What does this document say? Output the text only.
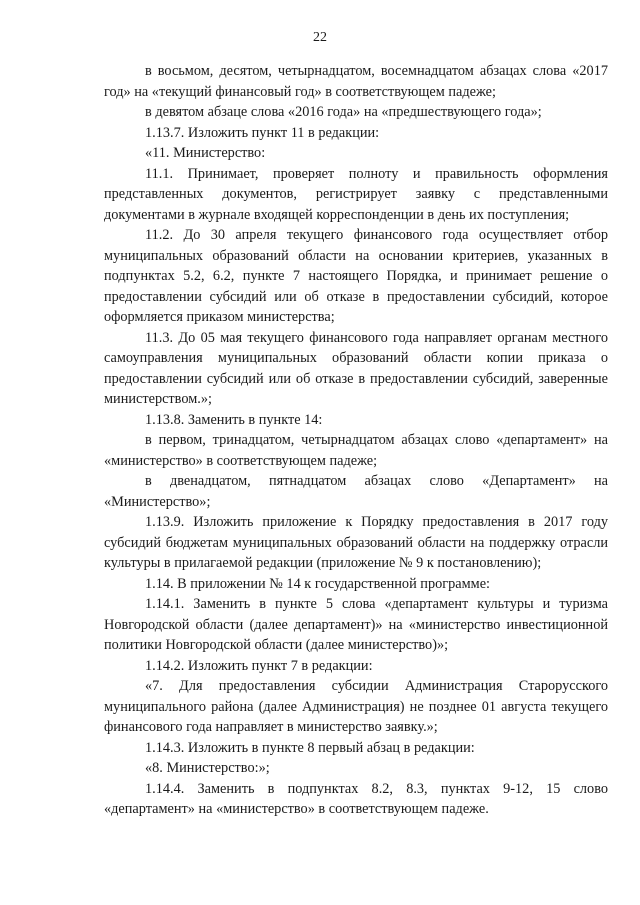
22

в восьмом, десятом, четырнадцатом, восемнадцатом абзацах слова «2017 год» на «текущий финансовый год» в соответствующем падеже;

в девятом абзаце слова «2016 года» на «предшествующего года»;

1.13.7. Изложить пункт 11 в редакции:

«11. Министерство:

11.1. Принимает, проверяет полноту и правильность оформления представленных документов, регистрирует заявку с представленными документами в журнале входящей корреспонденции в день их поступления;

11.2. До 30 апреля текущего финансового года осуществляет отбор муниципальных образований области на основании критериев, указанных в подпунктах 5.2, 6.2, пункте 7 настоящего Порядка, и принимает решение о предоставлении субсидий или об отказе в предоставлении субсидий, которое оформляется приказом министерства;

11.3. До 05 мая текущего финансового года направляет органам местного самоуправления муниципальных образований области копии приказа о предоставлении субсидий или об отказе в предоставлении субсидий, заверенные министерством.»;

1.13.8. Заменить в пункте 14:

в первом, тринадцатом, четырнадцатом абзацах слово «департамент» на «министерство» в соответствующем падеже;

в двенадцатом, пятнадцатом абзацах слово «Департамент» на «Министерство»;

1.13.9. Изложить приложение к Порядку предоставления в 2017 году субсидий бюджетам муниципальных образований области на поддержку отрасли культуры в прилагаемой редакции (приложение № 9 к постановлению);

1.14. В приложении № 14 к государственной программе:

1.14.1. Заменить в пункте 5 слова «департамент культуры и туризма Новгородской области (далее департамент)» на «министерство инвестиционной политики Новгородской области (далее министерство)»;

1.14.2. Изложить пункт 7 в редакции:

«7. Для предоставления субсидии Администрация Старорусского муниципального района (далее Администрация) не позднее 01 августа текущего финансового года направляет в министерство заявку.»;

1.14.3. Изложить в пункте 8 первый абзац в редакции:

«8. Министерство:»;

1.14.4. Заменить в подпунктах 8.2, 8.3, пунктах 9-12, 15 слово «департамент» на «министерство» в соответствующем падеже.
